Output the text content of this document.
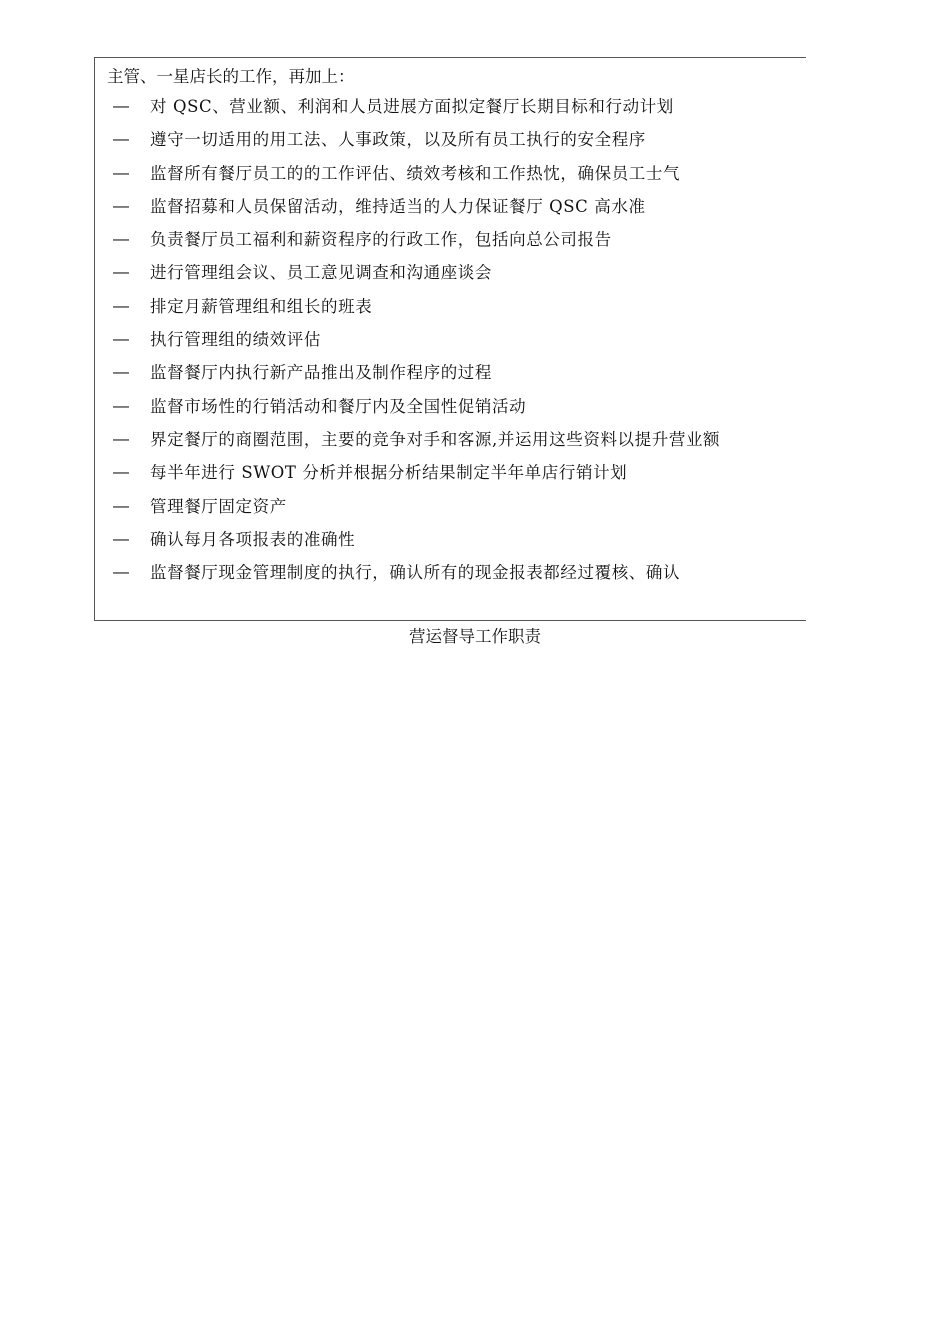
主管、一星店长的工作，再加上：
— 对 QSC、营业额、利润和人员进展方面拟定餐厅长期目标和行动计划
— 遵守一切适用的用工法、人事政策，以及所有员工执行的安全程序
— 监督所有餐厅员工的的工作评估、绩效考核和工作热忱，确保员工士气
— 监督招募和人员保留活动，维持适当的人力保证餐厅 QSC 高水准
— 负责餐厅员工福利和薪资程序的行政工作，包括向总公司报告
— 进行管理组会议、员工意见调查和沟通座谈会
— 排定月薪管理组和组长的班表
— 执行管理组的绩效评估
— 监督餐厅内执行新产品推出及制作程序的过程
— 监督市场性的行销活动和餐厅内及全国性促销活动
— 界定餐厅的商圈范围，主要的竞争对手和客源,并运用这些资料以提升营业额
— 每半年进行 SWOT 分析并根据分析结果制定半年单店行销计划
— 管理餐厅固定资产
— 确认每月各项报表的准确性
— 监督餐厅现金管理制度的执行，确认所有的现金报表都经过覆核、确认
营运督导工作职责
